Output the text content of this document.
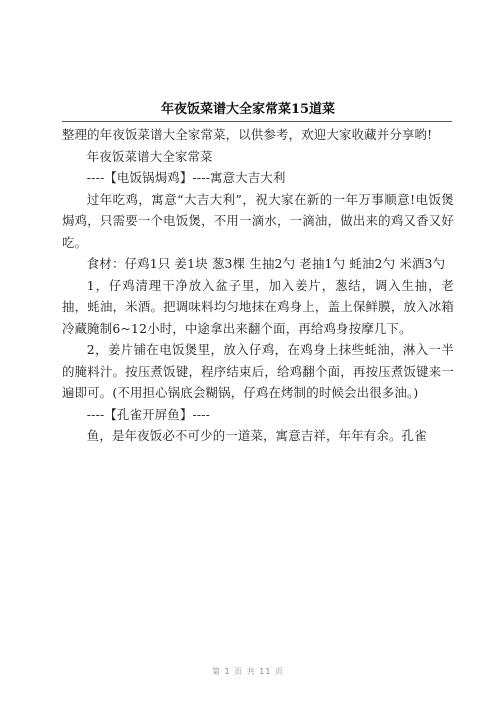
年夜饭菜谱大全家常菜15道菜

整理的年夜饭菜谱大全家常菜，以供参考，欢迎大家收藏并分享哟!

年夜饭菜谱大全家常菜

----【电饭锅焗鸡】----寓意大吉大利

过年吃鸡，寓意“大吉大利”，祝大家在新的一年万事顺意!电饭煲焗鸡，只需要一个电饭煲，不用一滴水，一滴油，做出来的鸡又香又好吃。

食材：仔鸡1只 姜1块 葱3棵 生抽2勺 老抽1勺 蚝油2勺 米酒3勺

1，仔鸡清理干净放入盆子里，加入姜片，葱结，调入生抽，老抽，蚝油，米酒。把调味料均匀地抹在鸡身上，盖上保鲜膜，放入冰箱冷藏腌制6~12小时，中途拿出来翻个面，再给鸡身按摩几下。

2，姜片铺在电饭煲里，放入仔鸡，在鸡身上抹些蚝油，淋入一半的腌料汁。按压煮饭键，程序结束后，给鸡翻个面，再按压煮饭键来一遍即可。(不用担心锅底会糊锅，仔鸡在烤制的时候会出很多油。)

----【孔雀开屏鱼】----

鱼，是年夜饭必不可少的一道菜，寓意吉祥，年年有余。孔雀

第 1 页 共 11 页
